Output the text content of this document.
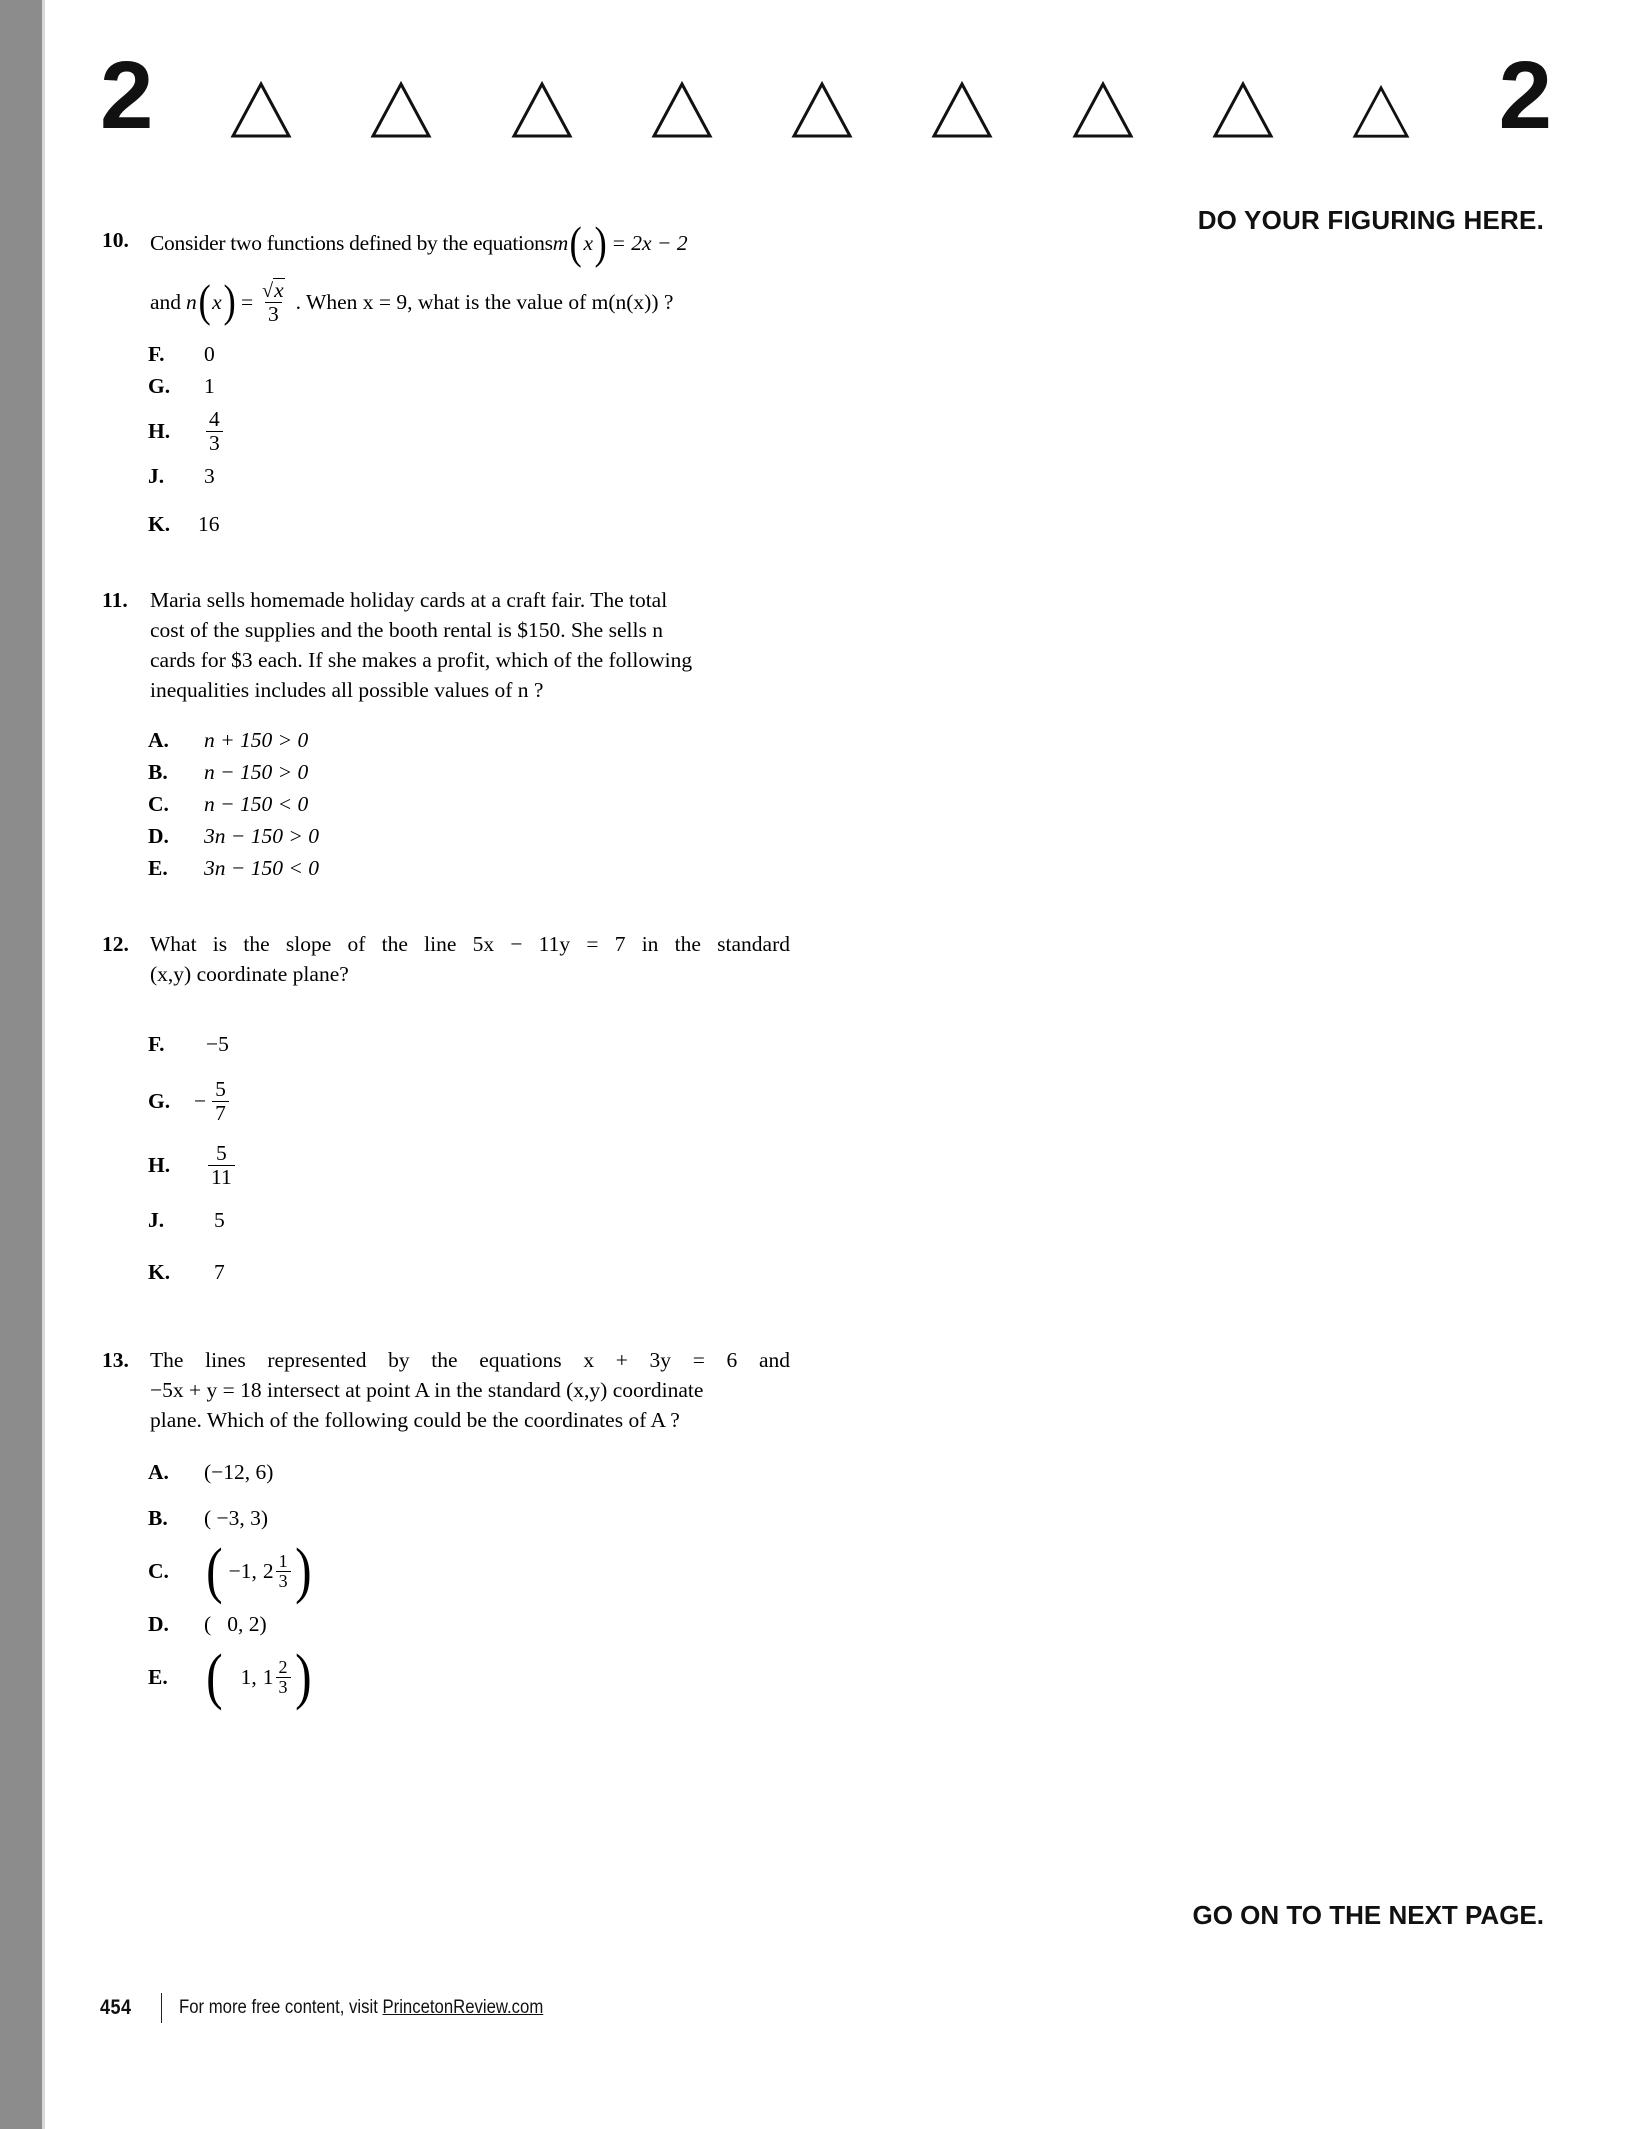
2	2
DO YOUR FIGURING HERE.
10. Consider two functions defined by the equations m ( x ) = 2x − 2

and n ( x ) = $\frac{√ x}{3}$ . When x = 9, what is the value of m(n(x)) ?

F.	0
G.	1
H.	$\frac{4}{3}$
J.	3
K.	16
11.	Maria sells homemade holiday cards at a craft fair. The total

cost of the supplies and the booth rental is $150. She sells n

cards for $3 each. If she makes a profit, which of the following

inequalities includes all possible values of n ?

A.	n + 150 > 0
B.	n − 150 > 0
C.	n − 150 < 0
D.	3n − 150 > 0
E.	3n − 150 < 0
12. What is the slope of the line 5x − 11y = 7 in the standard

(x,y) coordinate plane?

F.	−5
G.	− $\frac{5}{7}$
H.	$\frac{5}{11}$
J.	5
K.	7
13. The lines represented by the equations x + 3y = 6 and

−5x + y = 18 intersect at point A in the standard (x,y) coordinate

plane. Which of the following could be the coordinates of A ?

A.	(−12, 6)
B.	( −3, 3)
C. ( −1, $2 \frac{1}{3}$ )
D.	(   0, 2)
E. ( 1, $1 \frac{2}{3}$ )
GO ON TO THE NEXT PAGE.
454	For more free content, visit PrincetonReview.com
